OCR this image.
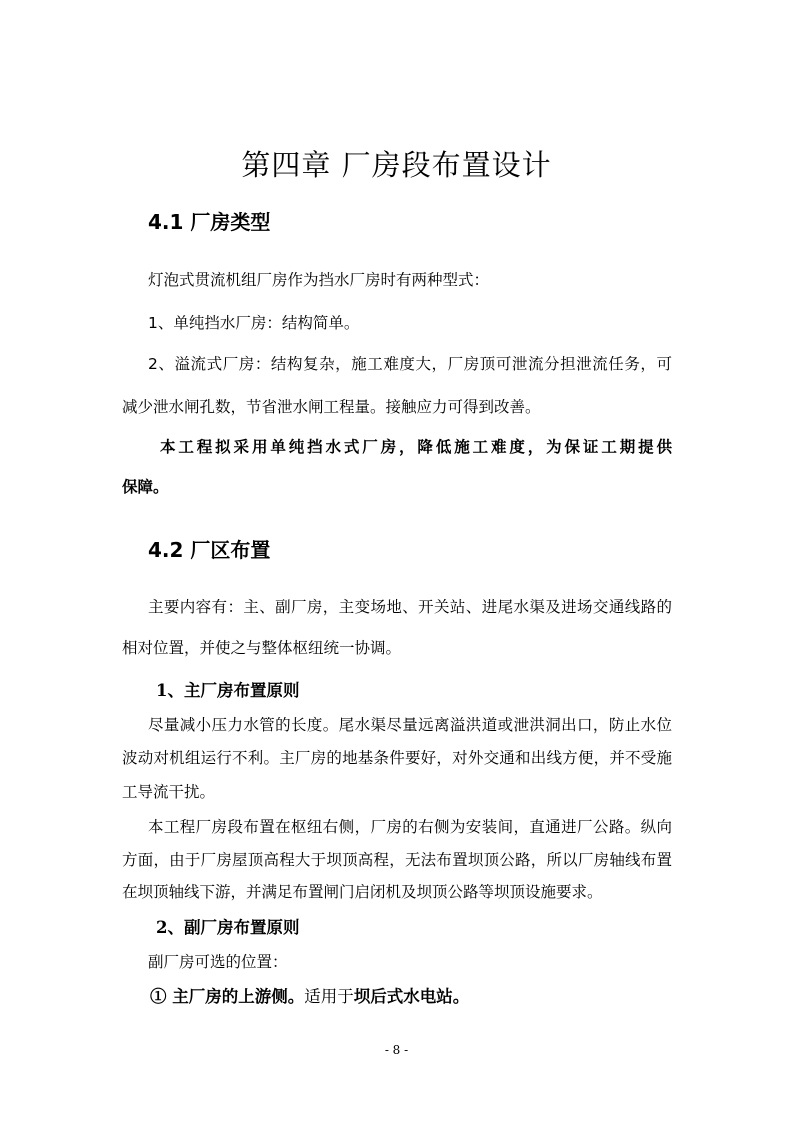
第四章 厂房段布置设计
4.1 厂房类型
灯泡式贯流机组厂房作为挡水厂房时有两种型式：
1、单纯挡水厂房：结构简单。
2、溢流式厂房：结构复杂，施工难度大，厂房顶可泄流分担泄流任务，可
减少泄水闸孔数，节省泄水闸工程量。接触应力可得到改善。
本工程拟采用单纯挡水式厂房，降低施工难度，为保证工期提供
保障。
4.2 厂区布置
主要内容有：主、副厂房，主变场地、开关站、进尾水渠及进场交通线路的
相对位置，并使之与整体枢纽统一协调。
1、主厂房布置原则
尽量减小压力水管的长度。尾水渠尽量远离溢洪道或泄洪洞出口，防止水位
波动对机组运行不利。主厂房的地基条件要好，对外交通和出线方便，并不受施
工导流干扰。
本工程厂房段布置在枢纽右侧，厂房的右侧为安装间，直通进厂公路。纵向
方面，由于厂房屋顶高程大于坝顶高程，无法布置坝顶公路，所以厂房轴线布置
在坝顶轴线下游，并满足布置闸门启闭机及坝顶公路等坝顶设施要求。
2、副厂房布置原则
副厂房可选的位置：
① 主厂房的上游侧。适用于坝后式水电站。
- 8 -
